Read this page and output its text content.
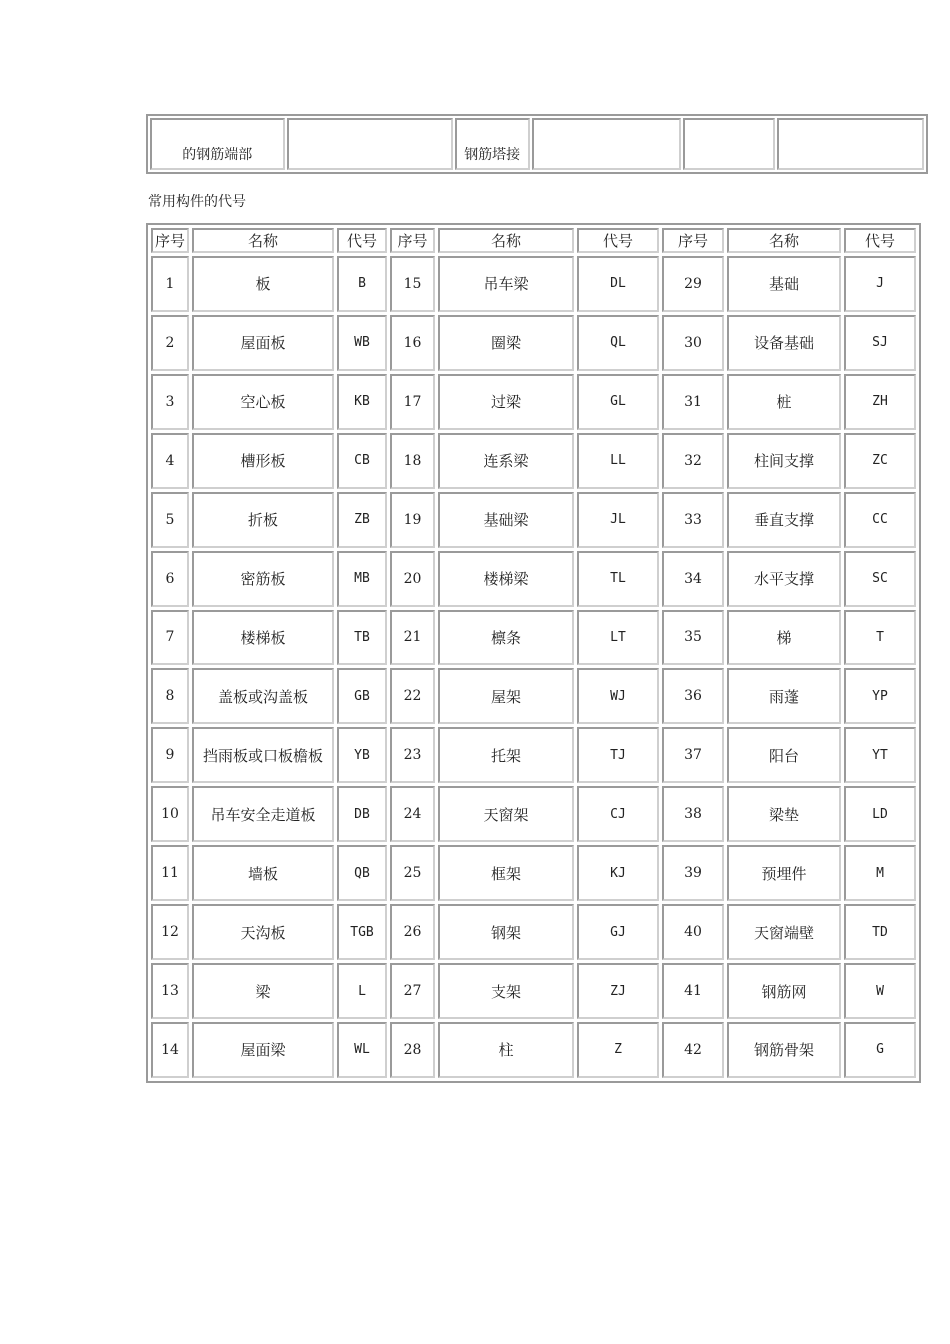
的钢筋端部		钢筋塔接			
常用构件的代号
序号	名称	代号	序号	名称	代号	序号	名称	代号
1	板	B	15	吊车梁	DL	29	基础	J
2	屋面板	WB	16	圈梁	QL	30	设备基础	SJ
3	空心板	KB	17	过梁	GL	31	桩	ZH
4	槽形板	CB	18	连系梁	LL	32	柱间支撑	ZC
5	折板	ZB	19	基础梁	JL	33	垂直支撑	CC
6	密筋板	MB	20	楼梯梁	TL	34	水平支撑	SC
7	楼梯板	TB	21	檩条	LT	35	梯	T
8	盖板或沟盖板	GB	22	屋架	WJ	36	雨蓬	YP
9	挡雨板或口板檐板	YB	23	托架	TJ	37	阳台	YT
10	吊车安全走道板	DB	24	天窗架	CJ	38	梁垫	LD
11	墙板	QB	25	框架	KJ	39	预埋件	M
12	天沟板	TGB	26	钢架	GJ	40	天窗端壁	TD
13	梁	L	27	支架	ZJ	41	钢筋网	W
14	屋面梁	WL	28	柱	Z	42	钢筋骨架	G
